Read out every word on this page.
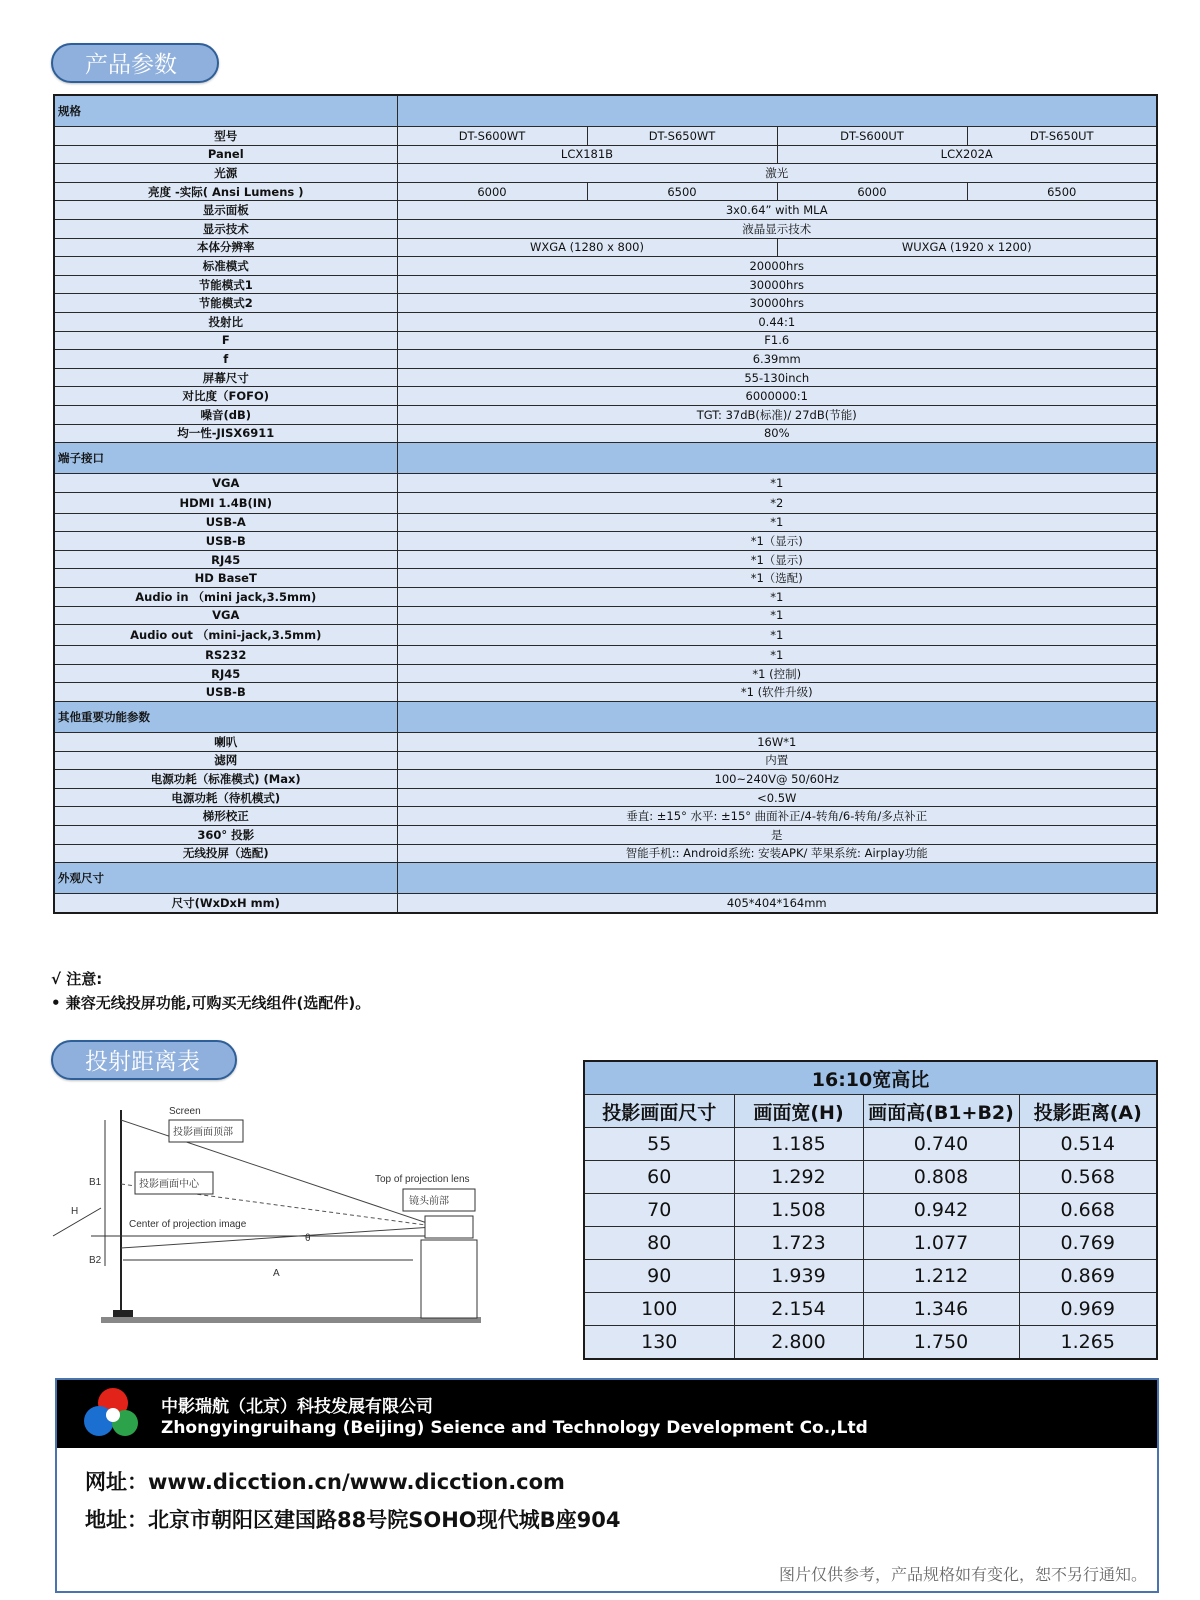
产品参数
规格				
型号	DT-S600WT	DT-S650WT	DT-S600UT	DT-S650UT
Panel	LCX181B		LCX202A	
光源	激光			
亮度 -实际( Ansi Lumens )	6000	6500	6000	6500
显示面板	3x0.64” with MLA			
显示技术	液晶显示技术			
本体分辨率	WXGA (1280 x 800)		WUXGA (1920 x 1200)	
标准模式	20000hrs			
节能模式1	30000hrs			
节能模式2	30000hrs			
投射比	0.44:1			
F	F1.6			
f	6.39mm			
屏幕尺寸	55-130inch			
对比度（FOFO)	6000000:1			
噪音(dB)	TGT: 37dB(标准)/ 27dB(节能)			
均一性-JISX6911	80%			
端子接口				
VGA	*1			
HDMI 1.4B(IN)	*2			
USB-A	*1			
USB-B	*1（显示)			
RJ45	*1（显示)			
HD BaseT	*1（选配)			
Audio in （mini jack,3.5mm)	*1			
VGA	*1			
Audio out （mini-jack,3.5mm)	*1			
RS232	*1			
RJ45	*1 (控制)			
USB-B	*1 (软件升级)			
其他重要功能参数				
喇叭	16W*1			
滤网	内置			
电源功耗（标准模式) (Max)	100~240V@ 50/60Hz			
电源功耗（待机模式)	<0.5W			
梯形校正	垂直: ±15° 水平: ±15° 曲面补正/4-转角/6-转角/多点补正			
360° 投影	是			
无线投屏（选配)	智能手机:: Android系统: 安装APK/ 苹果系统: Airplay功能			
外观尺寸				
尺寸(WxDxH mm)	405*404*164mm			
√ 注意:
• 兼容无线投屏功能,可购买无线组件(选配件)。
投射距离表
Screen
投影画面顶部
投影画面中心
Center of projection image
Top of projection lens
镜头前部
B1
B2
H
A
θ
16:10宽高比			
投影画面尺寸	画面宽(H)	画面高(B1+B2)	投影距离(A)
55	1.185	0.740	0.514
60	1.292	0.808	0.568
70	1.508	0.942	0.668
80	1.723	1.077	0.769
90	1.939	1.212	0.869
100	2.154	1.346	0.969
130	2.800	1.750	1.265
中影瑞航（北京）科技发展有限公司
Zhongyingruihang (Beijing) Seience and Technology Development Co.,Ltd
网址：www.dicction.cn/www.dicction.com
地址：北京市朝阳区建国路88号院SOHO现代城B座904
图片仅供参考，产品规格如有变化，恕不另行通知。
